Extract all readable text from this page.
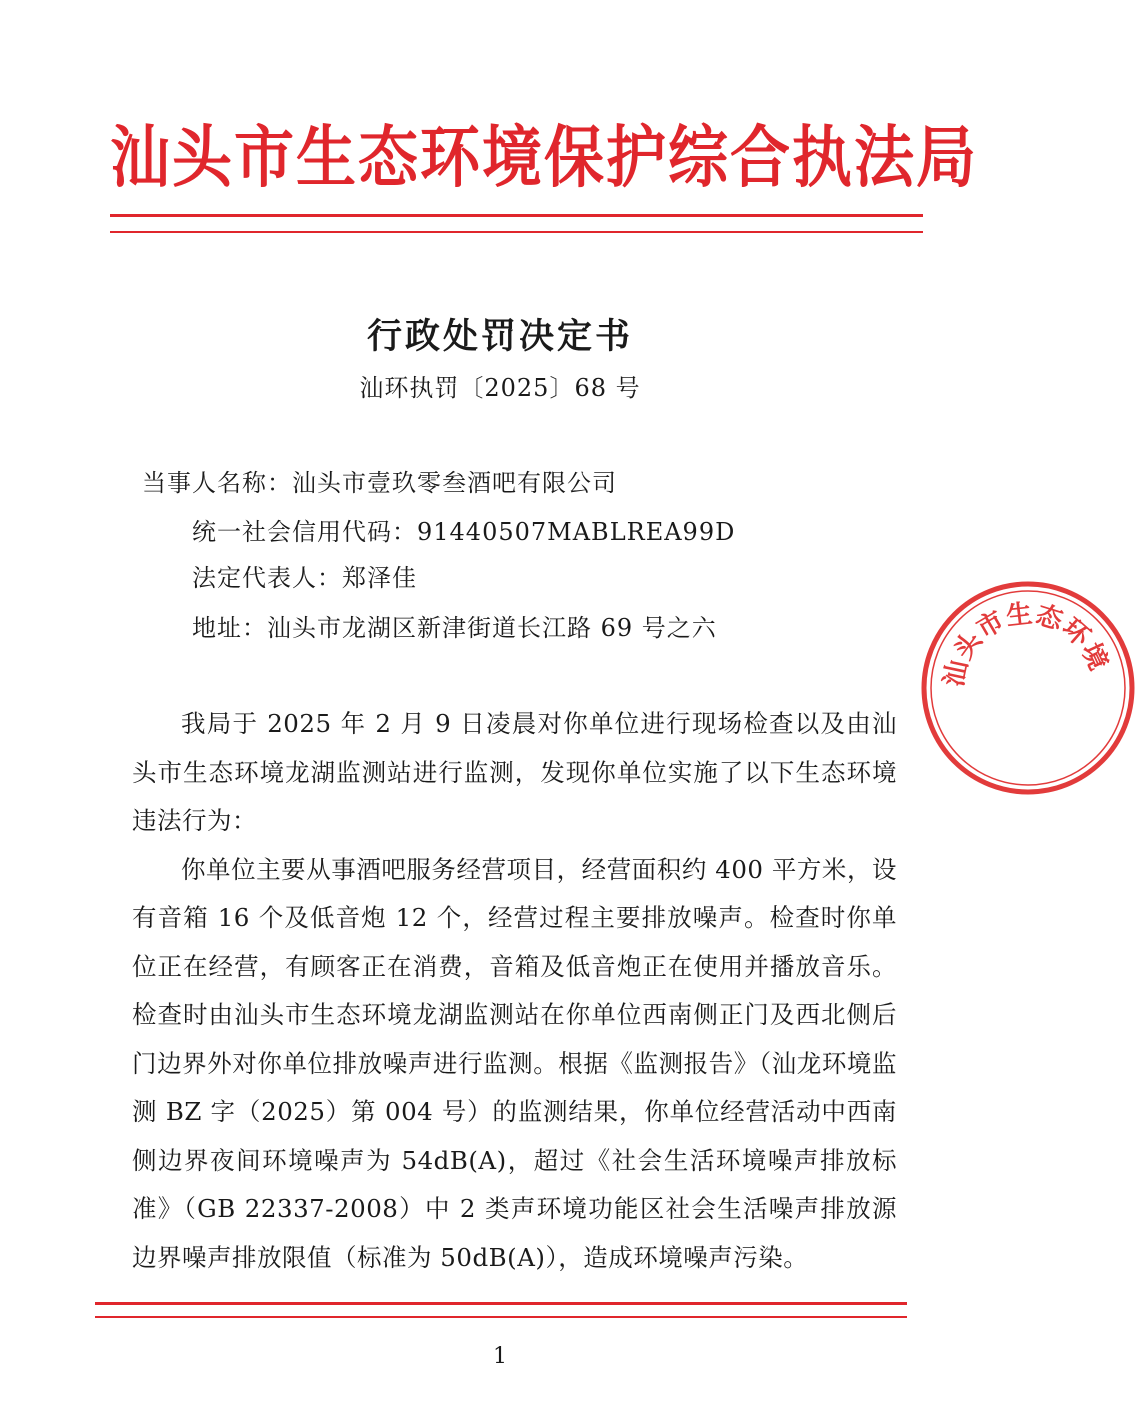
汕头市生态环境保护综合执法局
行政处罚决定书
汕环执罚〔2025〕68 号
当事人名称：汕头市壹玖零叁酒吧有限公司
统一社会信用代码：91440507MABLREA99D
法定代表人：郑泽佳
地址：汕头市龙湖区新津街道长江路 69 号之六

我局于 2025 年 2 月 9 日凌晨对你单位进行现场检查以及由汕头市生态环境龙湖监测站进行监测，发现你单位实施了以下生态环境违法行为：

你单位主要从事酒吧服务经营项目，经营面积约 400 平方米，设有音箱 16 个及低音炮 12 个，经营过程主要排放噪声。检查时你单位正在经营，有顾客正在消费，音箱及低音炮正在使用并播放音乐。检查时由汕头市生态环境龙湖监测站在你单位西南侧正门及西北侧后门边界外对你单位排放噪声进行监测。根据《监测报告》（汕龙环境监测 BZ 字（2025）第 004 号）的监测结果，你单位经营活动中西南侧边界夜间环境噪声为 54dB(A)，超过《社会生活环境噪声排放标准》（GB 22337-2008）中 2 类声环境功能区社会生活噪声排放源边界噪声排放限值（标准为 50dB(A)），造成环境噪声污染。

1
汕头市生态环境
